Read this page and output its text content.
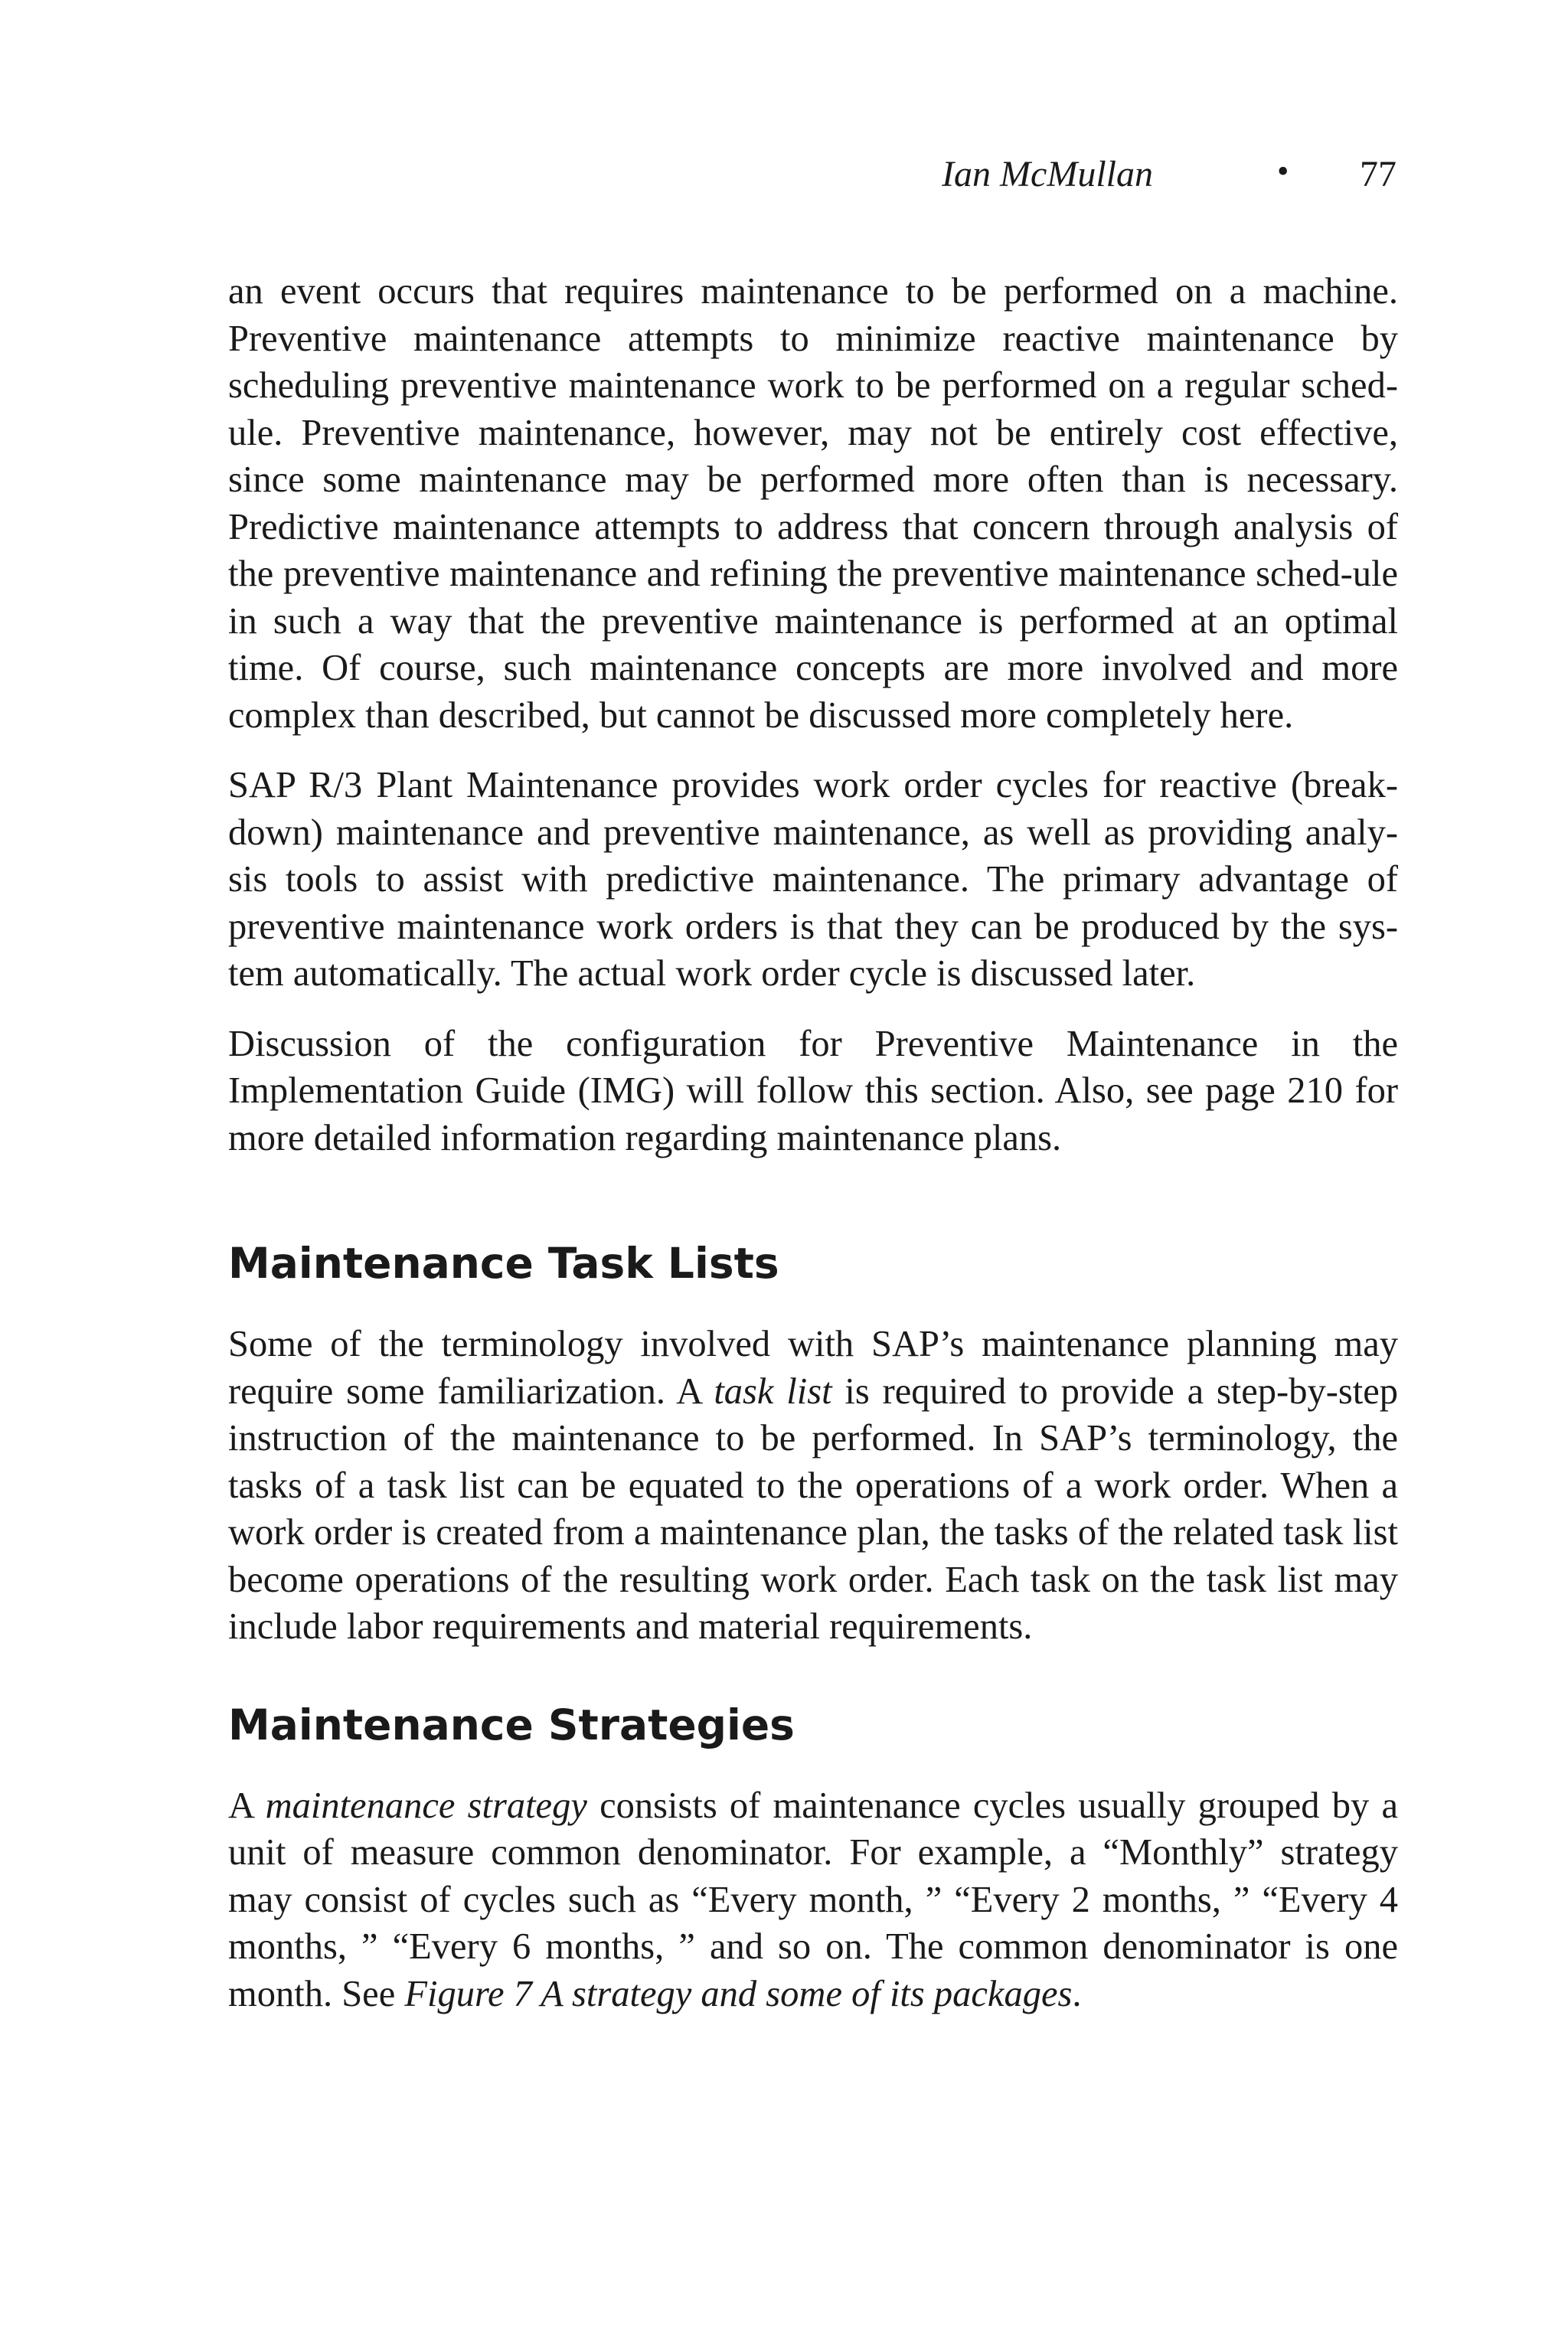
Ian McMullan	• 77

an event occurs that requires maintenance to be performed on a machine. Preventive maintenance attempts to minimize reactive maintenance by scheduling preventive maintenance work to be performed on a regular sched-ule. Preventive maintenance, however, may not be entirely cost effective, since some maintenance may be performed more often than is necessary. Predictive maintenance attempts to address that concern through analysis of the preventive maintenance and refining the preventive maintenance sched-ule in such a way that the preventive maintenance is performed at an optimal time. Of course, such maintenance concepts are more involved and more complex than described, but cannot be discussed more completely here.

SAP R/3 Plant Maintenance provides work order cycles for reactive (break-down) maintenance and preventive maintenance, as well as providing analy-sis tools to assist with predictive maintenance. The primary advantage of preventive maintenance work orders is that they can be produced by the sys-tem automatically. The actual work order cycle is discussed later.

Discussion of the configuration for Preventive Maintenance in the Implementation Guide (IMG) will follow this section. Also, see page 210 for more detailed information regarding maintenance plans.

Maintenance Task Lists

Some of the terminology involved with SAP’s maintenance planning may require some familiarization. A task list is required to provide a step-by-step instruction of the maintenance to be performed. In SAP’s terminology, the tasks of a task list can be equated to the operations of a work order. When a work order is created from a maintenance plan, the tasks of the related task list become operations of the resulting work order. Each task on the task list may include labor requirements and material requirements.

Maintenance Strategies

A maintenance strategy consists of maintenance cycles usually grouped by a unit of measure common denominator. For example, a “Monthly” strategy may consist of cycles such as “Every month, ” “Every 2 months, ” “Every 4 months, ” “Every 6 months, ” and so on. The common denominator is one month. See Figure 7 A strategy and some of its packages.
